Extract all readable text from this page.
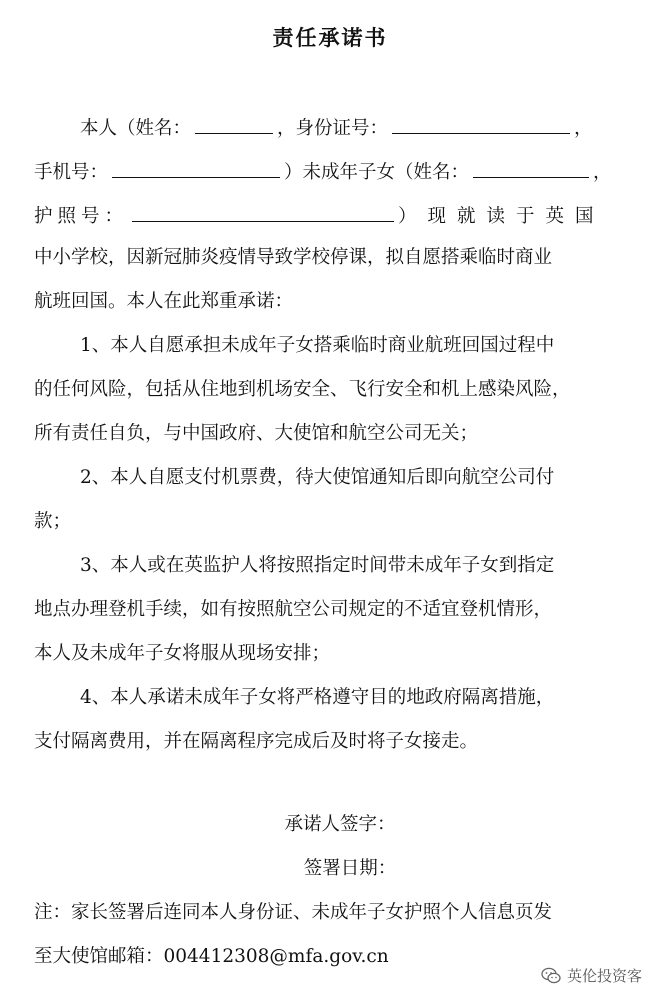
责任承诺书
本人（姓名：	，身份证号：	，
手机号：	）未成年子女（姓名：	，
护照号：	）现就读于英国
中小学校，因新冠肺炎疫情导致学校停课，拟自愿搭乘临时商业
航班回国。本人在此郑重承诺：
1、本人自愿承担未成年子女搭乘临时商业航班回国过程中
的任何风险，包括从住地到机场安全、飞行安全和机上感染风险，
所有责任自负，与中国政府、大使馆和航空公司无关；
2、本人自愿支付机票费，待大使馆通知后即向航空公司付
款；
3、本人或在英监护人将按照指定时间带未成年子女到指定
地点办理登机手续，如有按照航空公司规定的不适宜登机情形，
本人及未成年子女将服从现场安排；
4、本人承诺未成年子女将严格遵守目的地政府隔离措施，
支付隔离费用，并在隔离程序完成后及时将子女接走。
承诺人签字：
签署日期：
注：家长签署后连同本人身份证、未成年子女护照个人信息页发
至大使馆邮箱：004412308@mfa.gov.cn
英伦投资客
